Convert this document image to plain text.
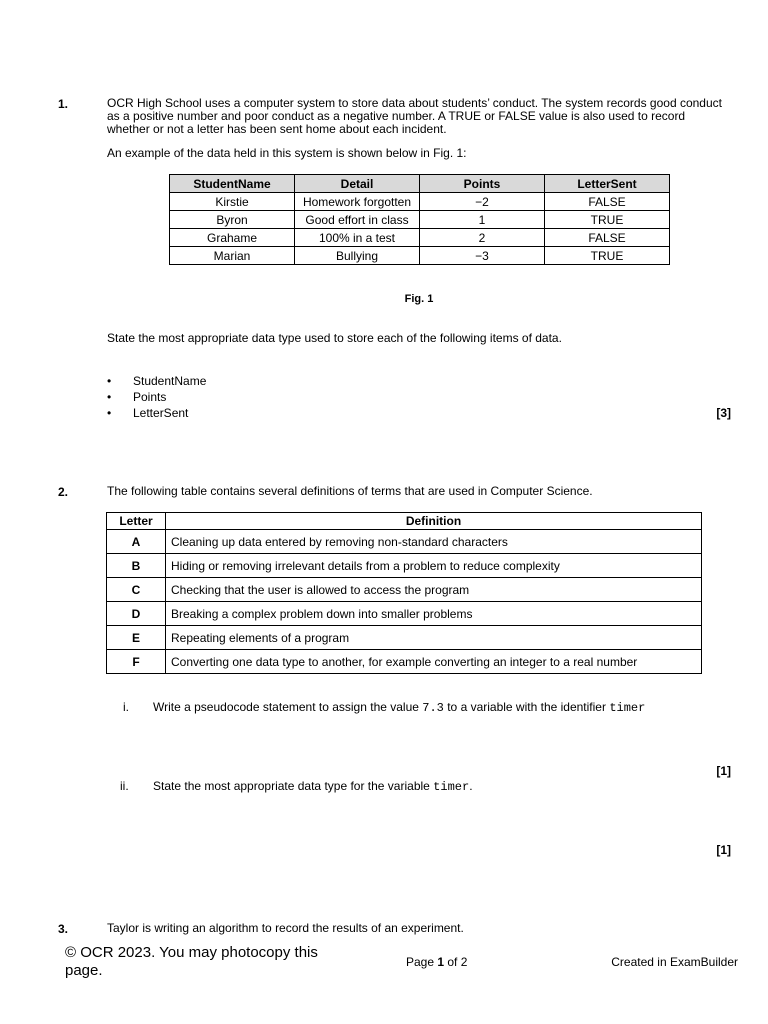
1.	OCR High School uses a computer system to store data about students’ conduct. The system records good conduct as a positive number and poor conduct as a negative number. A TRUE or FALSE value is also used to record whether or not a letter has been sent home about each incident.
An example of the data held in this system is shown below in Fig. 1:
StudentName	Detail	Points	LetterSent
Kirstie	Homework forgotten	−2	FALSE
Byron	Good effort in class	1	TRUE
Grahame	100% in a test	2	FALSE
Marian	Bullying	−3	TRUE
Fig. 1
State the most appropriate data type used to store each of the following items of data.
• StudentName
• Points
• LetterSent	[3]
2.	The following table contains several definitions of terms that are used in Computer Science.
Letter	Definition
A	Cleaning up data entered by removing non-standard characters
B	Hiding or removing irrelevant details from a problem to reduce complexity
C	Checking that the user is allowed to access the program
D	Breaking a complex problem down into smaller problems
E	Repeating elements of a program
F	Converting one data type to another, for example converting an integer to a real number
i. Write a pseudocode statement to assign the value 7.3 to a variable with the identifier timer
[1]
ii. State the most appropriate data type for the variable timer.
[1]
3.	Taylor is writing an algorithm to record the results of an experiment.
© OCR 2023. You may photocopy this page.	Page 1 of 2	Created in ExamBuilder
